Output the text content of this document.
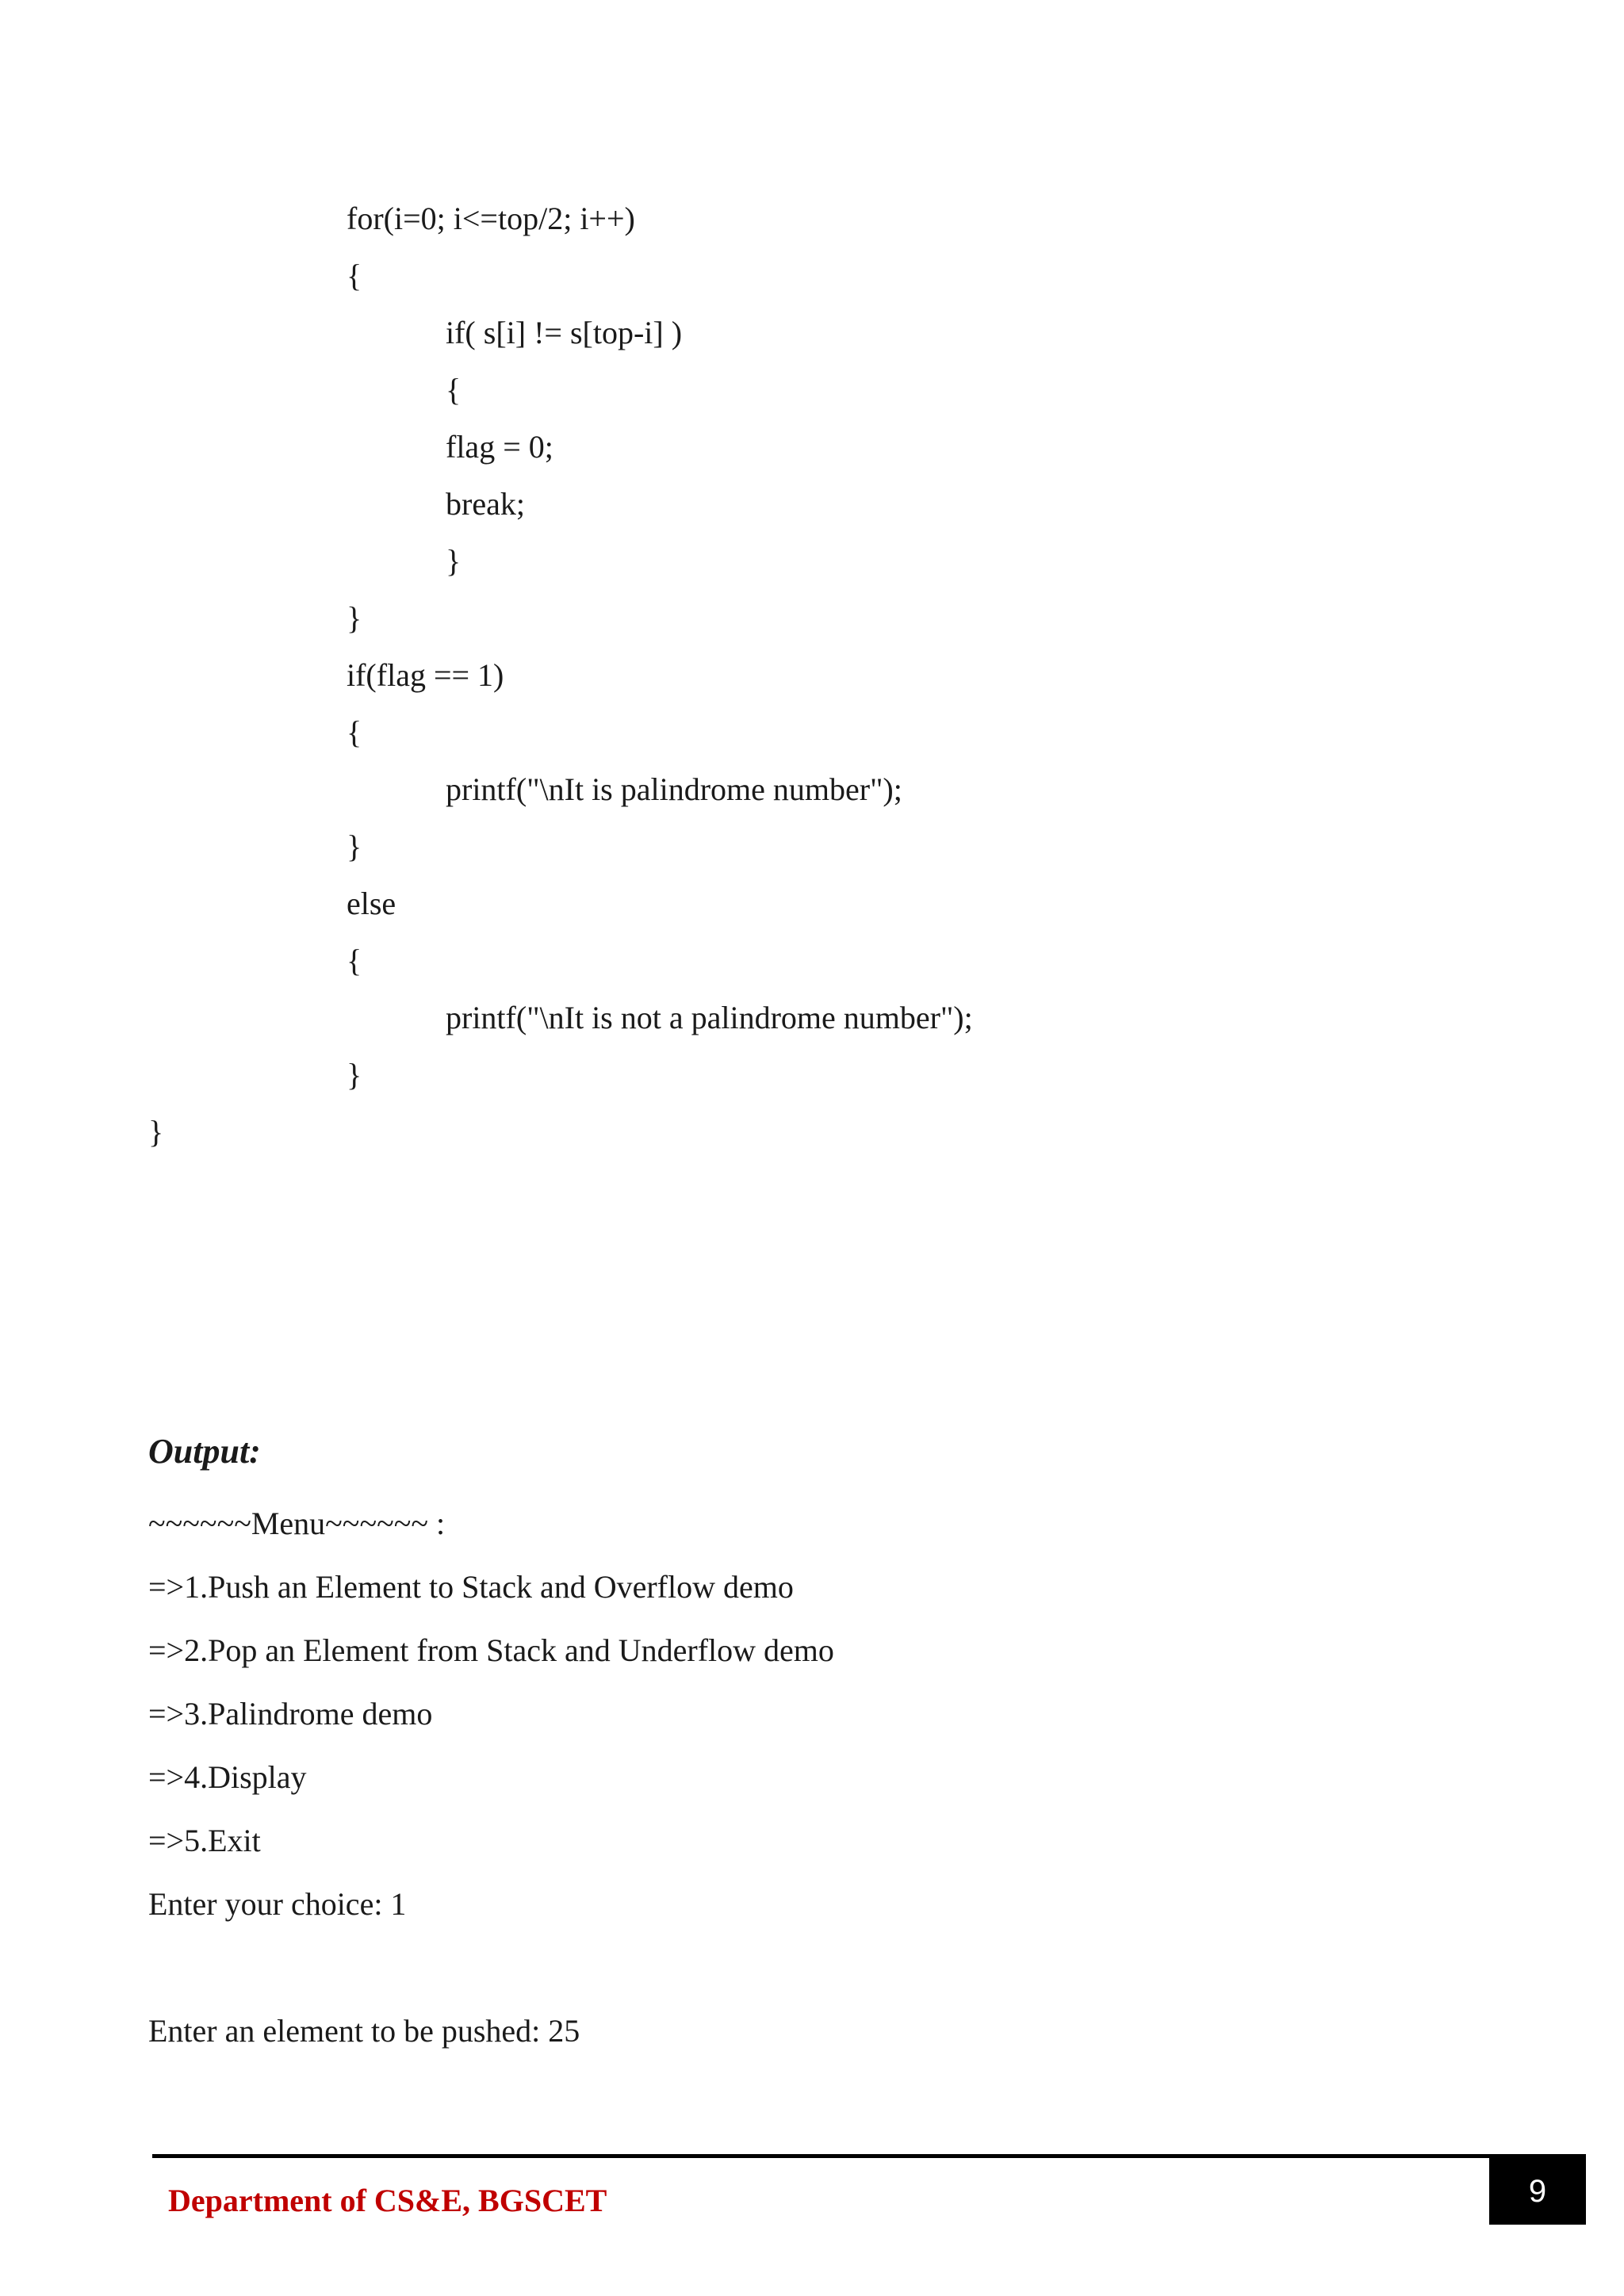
for(i=0; i<=top/2; i++)
{
if( s[i] != s[top-i] )
{
flag = 0;
break;
}
}
if(flag == 1)
{
printf("\nIt is palindrome number");
}
else
{
printf("\nIt is not a palindrome number");
}
}
Output:
~~~~~~Menu~~~~~~ :
=>1.Push an Element to Stack and Overflow demo
=>2.Pop an Element from Stack and Underflow demo
=>3.Palindrome demo
=>4.Display
=>5.Exit
Enter your choice: 1
Enter an element to be pushed: 25
Department of CS&E, BGSCET	9
